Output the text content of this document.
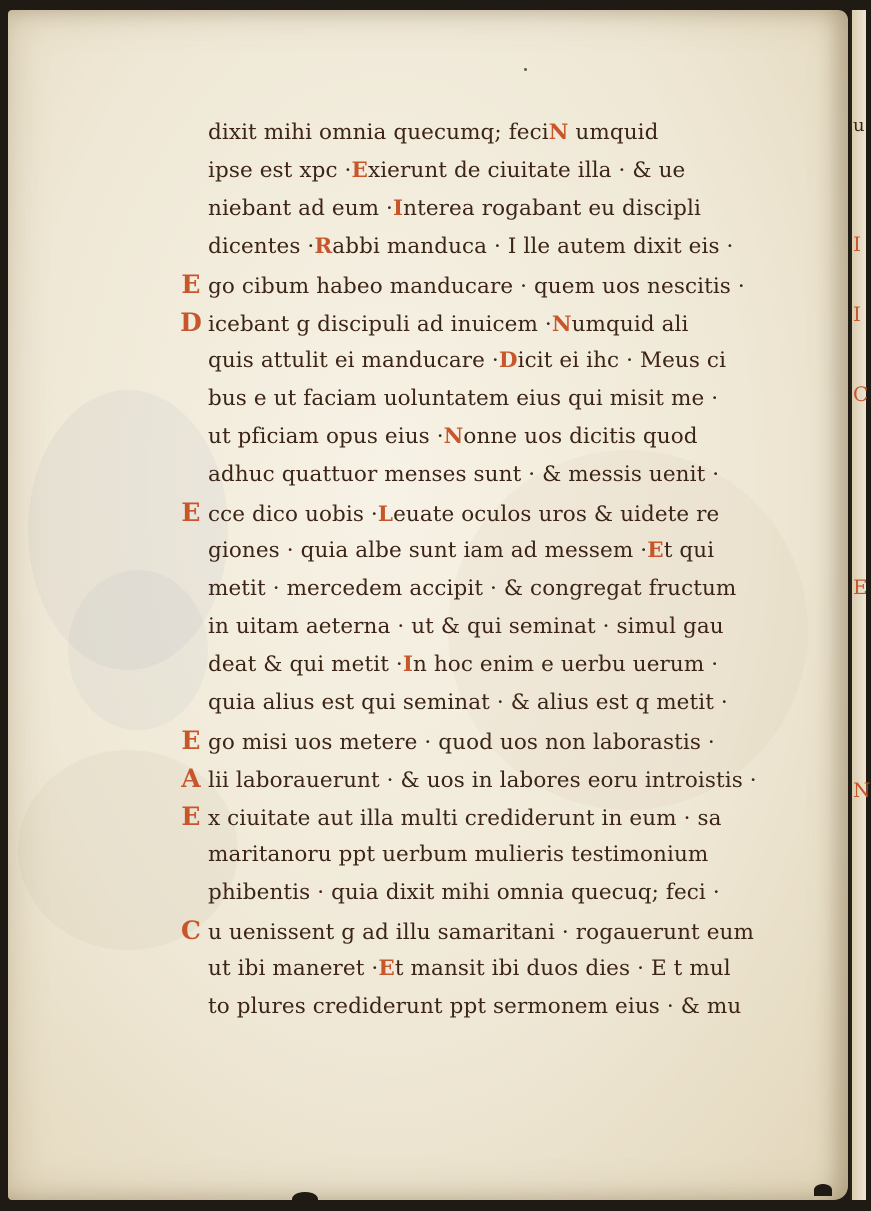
dixit mihi omnia quecumq; feciN umquid
ipse est xpc ·Exierunt de ciuitate illa · & ue
niebant ad eum ·Interea rogabant eu discipli
dicentes ·Rabbi manduca · I lle autem dixit eis ·
E go cibum habeo manducare · quem uos nescitis ·
D icebant g discipuli ad inuicem ·Numquid ali
quis attulit ei manducare ·Dicit ei ihc · Meus ci
bus e ut faciam uoluntatem eius qui misit me ·
ut pficiam opus eius ·Nonne uos dicitis quod
adhuc quattuor menses sunt · & messis uenit ·
E cce dico uobis ·Leuate oculos uros & uidete re
giones · quia albe sunt iam ad messem ·Et qui
metit · mercedem accipit · & congregat fructum
in uitam aeterna · ut & qui seminat · simul gau
deat & qui metit ·In hoc enim e uerbu uerum ·
quia alius est qui seminat · & alius est q metit ·
E go misi uos metere · quod uos non laborastis ·
A lii laborauerunt · & uos in labores eoru introistis ·
E x ciuitate aut illa multi crediderunt in eum · sa
maritanoru ppt uerbum mulieris testimonium
phibentis · quia dixit mihi omnia quecuq; feci ·
C u uenissent g ad illu samaritani · rogauerunt eum
ut ibi maneret ·Et mansit ibi duos dies · E t mul
to plures crediderunt ppt sermonem eius · & mu
u
I
I
C
E
N
